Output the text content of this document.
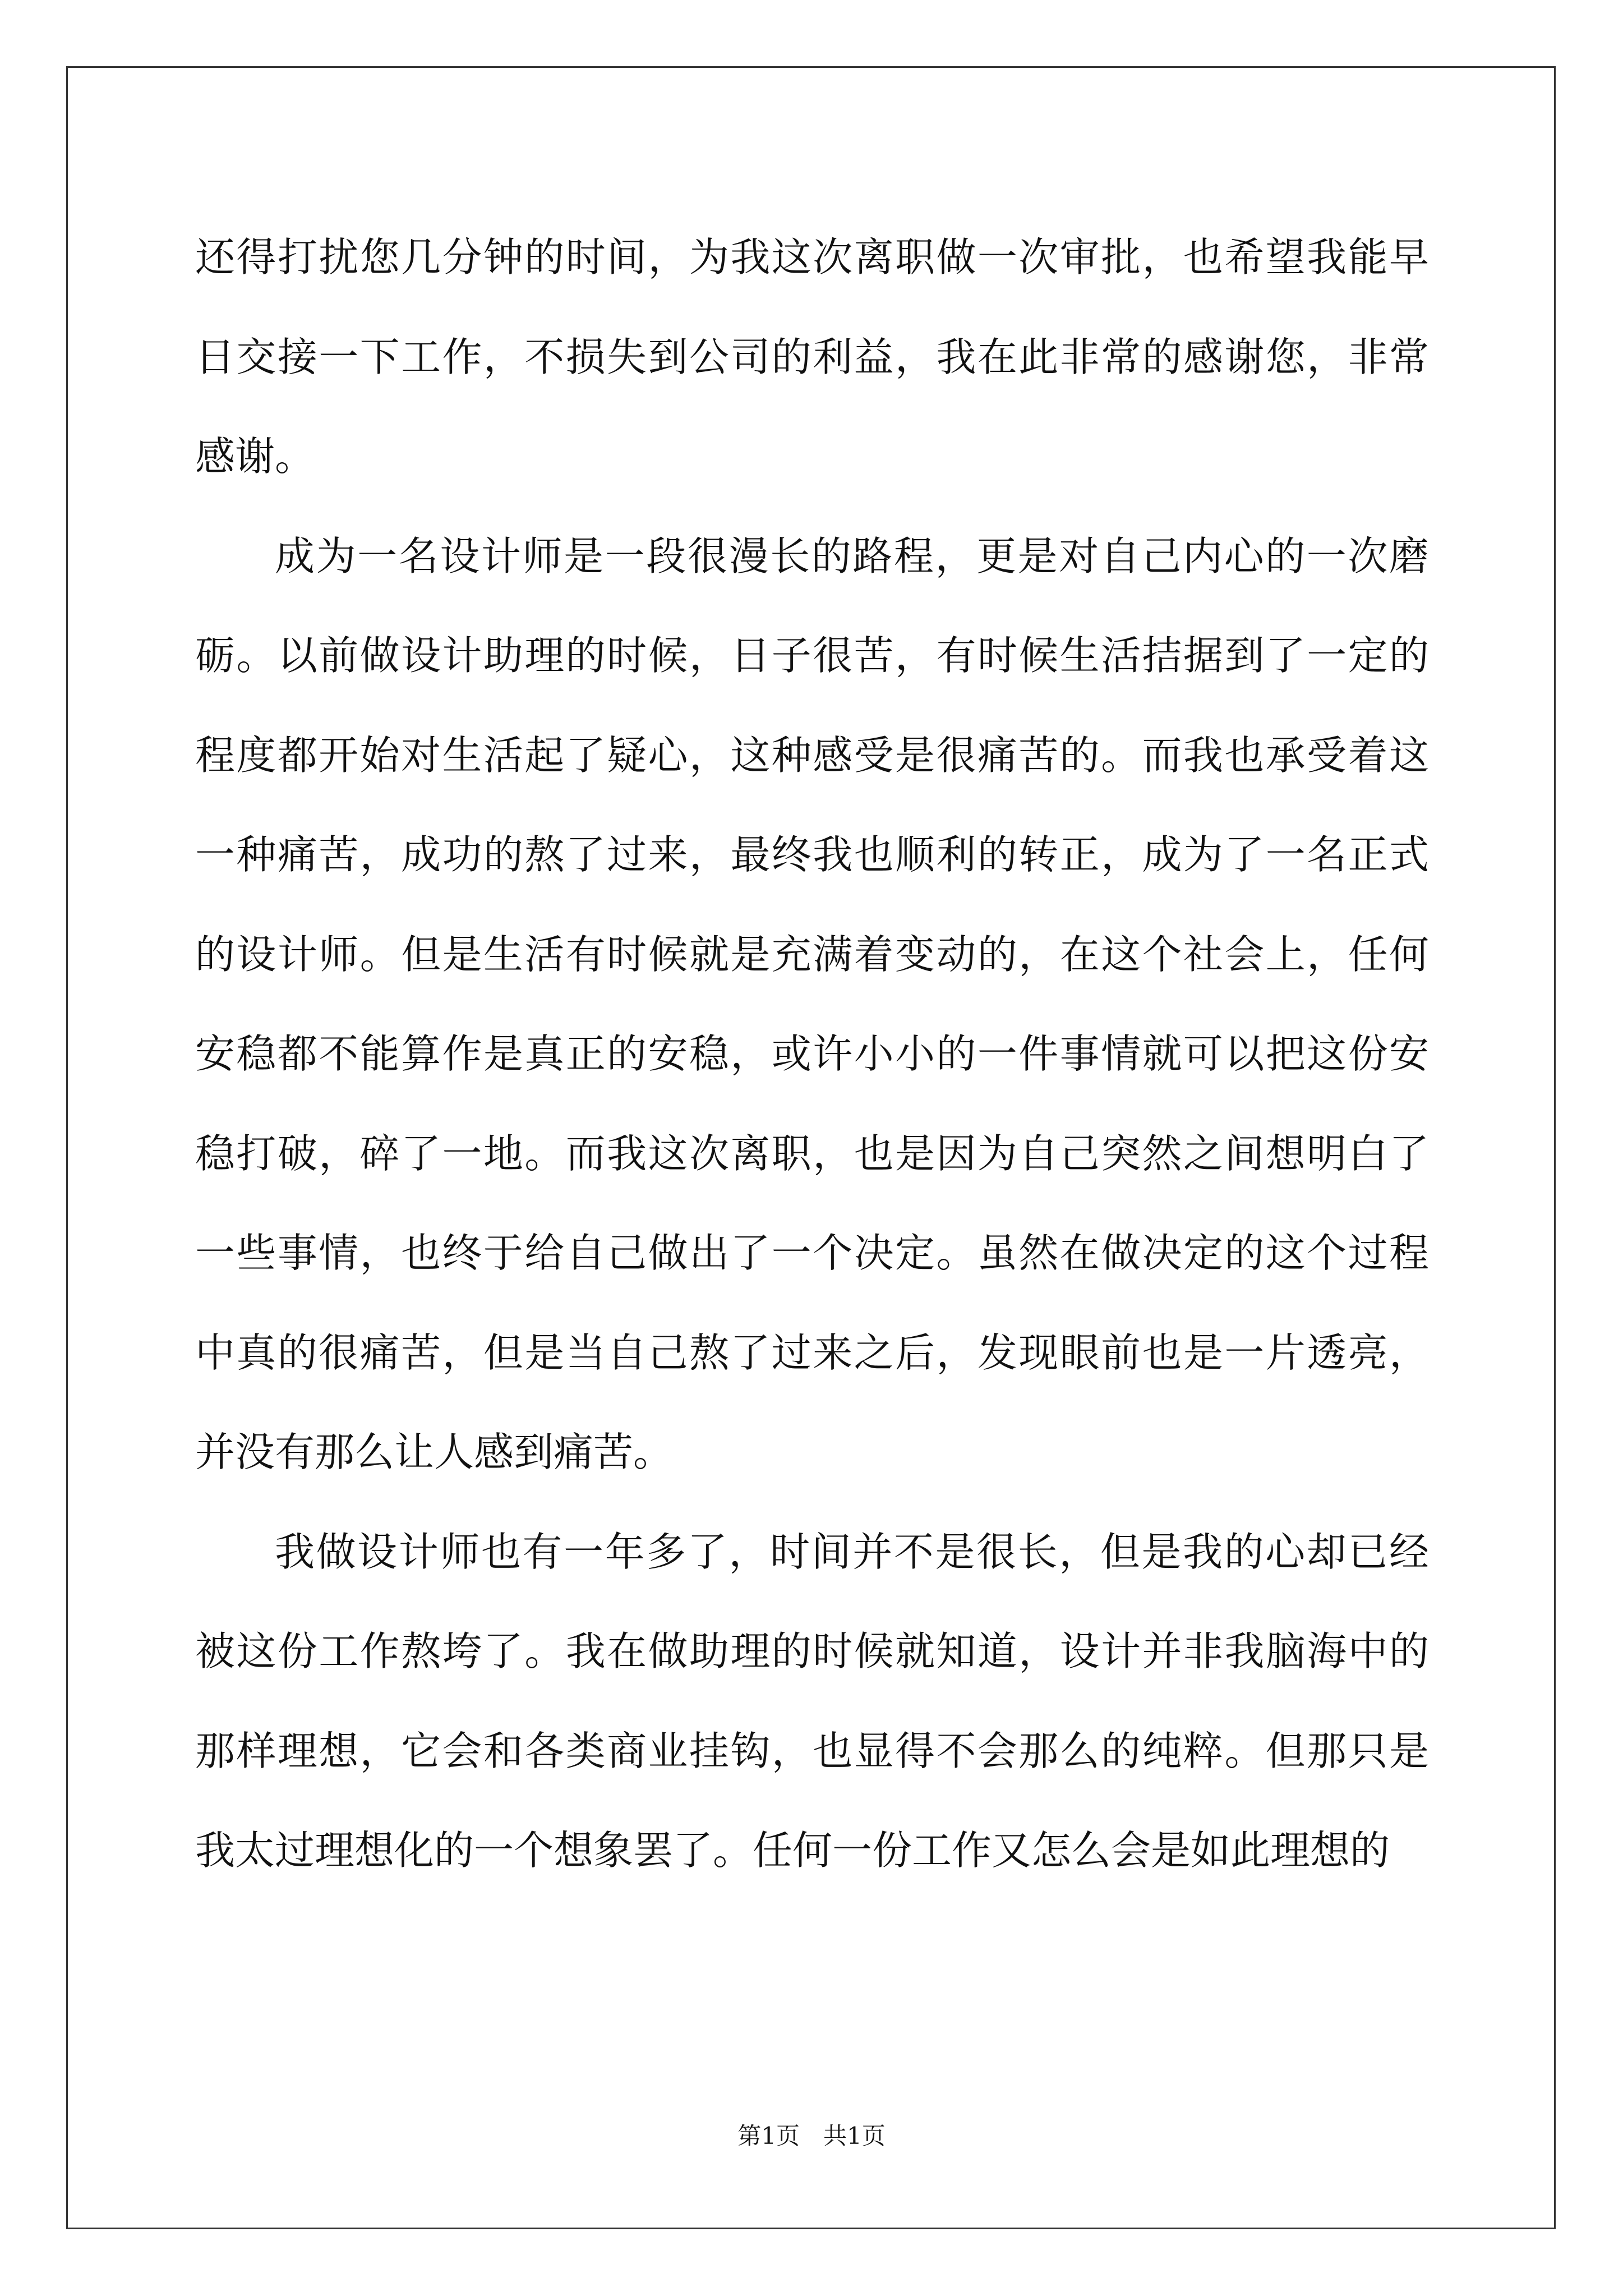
还得打扰您几分钟的时间，为我这次离职做一次审批，也希望我能早日交接一下工作，不损失到公司的利益，我在此非常的感谢您，非常感谢。

成为一名设计师是一段很漫长的路程，更是对自己内心的一次磨砺。以前做设计助理的时候，日子很苦，有时候生活拮据到了一定的程度都开始对生活起了疑心，这种感受是很痛苦的。而我也承受着这一种痛苦，成功的熬了过来，最终我也顺利的转正，成为了一名正式的设计师。但是生活有时候就是充满着变动的，在这个社会上，任何安稳都不能算作是真正的安稳，或许小小的一件事情就可以把这份安稳打破，碎了一地。而我这次离职，也是因为自己突然之间想明白了一些事情，也终于给自己做出了一个决定。虽然在做决定的这个过程中真的很痛苦，但是当自己熬了过来之后，发现眼前也是一片透亮，并没有那么让人感到痛苦。

我做设计师也有一年多了，时间并不是很长，但是我的心却已经被这份工作熬垮了。我在做助理的时候就知道，设计并非我脑海中的那样理想，它会和各类商业挂钩，也显得不会那么的纯粹。但那只是我太过理想化的一个想象罢了。任何一份工作又怎么会是如此理想的

第1页 共1页
